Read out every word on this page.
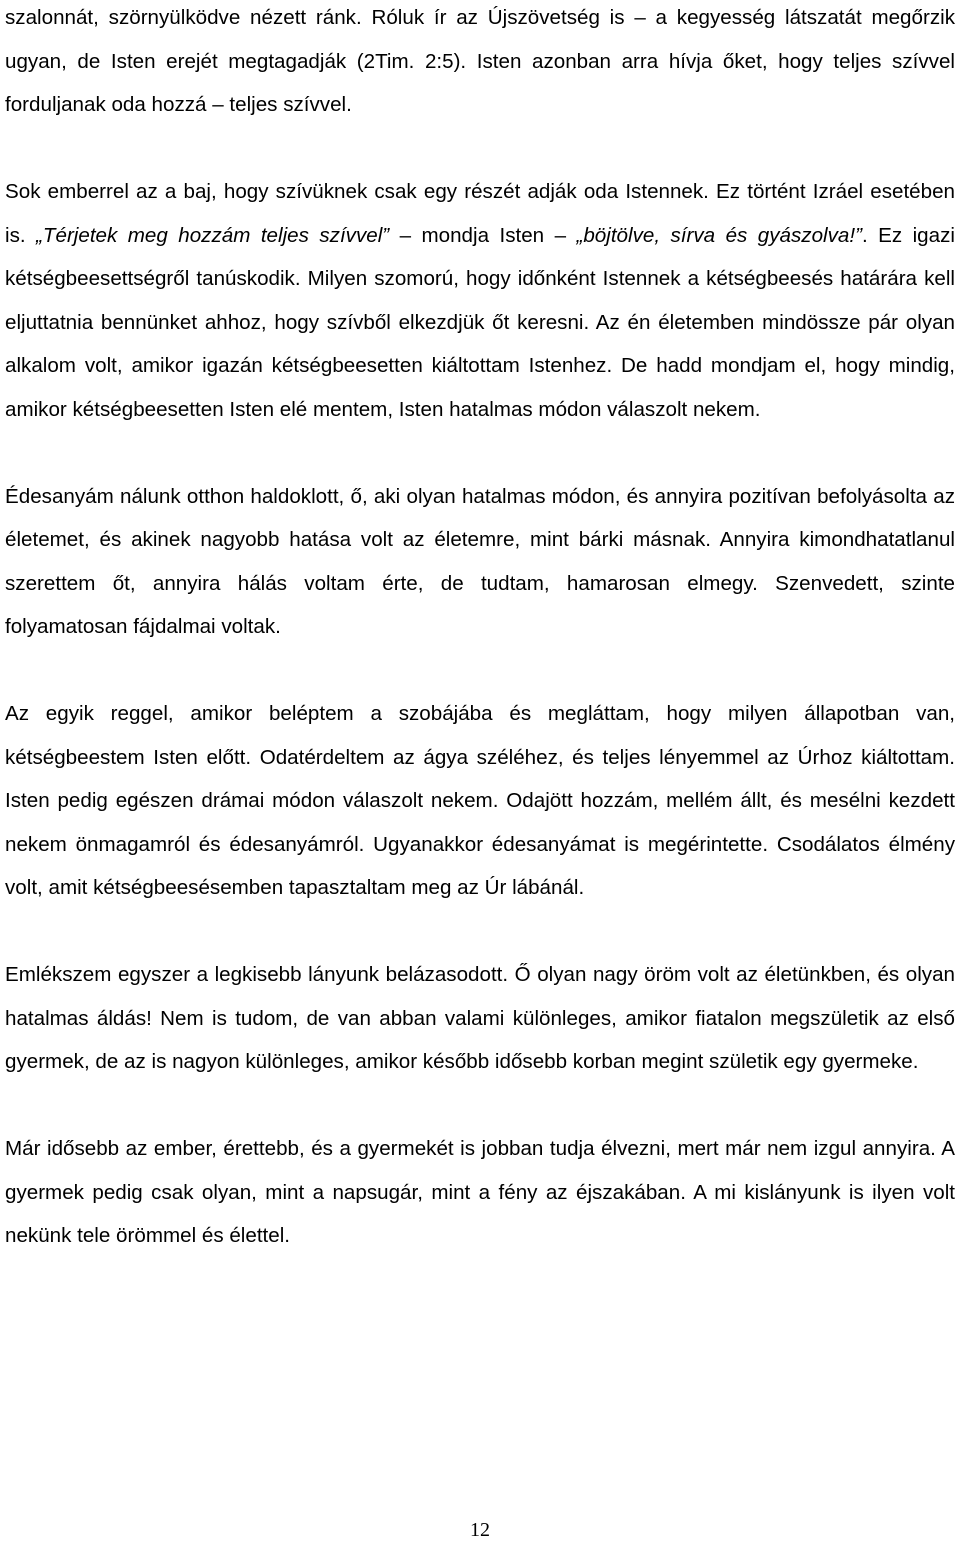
szalonnát, szörnyülködve nézett ránk. Róluk ír az Újszövetség is – a kegyesség látszatát megőrzik ugyan, de Isten erejét megtagadják (2Tim. 2:5). Isten azonban arra hívja őket, hogy teljes szívvel forduljanak oda hozzá – teljes szívvel.

Sok emberrel az a baj, hogy szívüknek csak egy részét adják oda Istennek. Ez történt Izráel esetében is. „Térjetek meg hozzám teljes szívvel” – mondja Isten – „böjtölve, sírva és gyászolva!”. Ez igazi kétségbeesettségről tanúskodik. Milyen szomorú, hogy időnként Istennek a kétségbeesés határára kell eljuttatnia bennünket ahhoz, hogy szívből elkezdjük őt keresni. Az én életemben mindössze pár olyan alkalom volt, amikor igazán kétségbeesetten kiáltottam Istenhez. De hadd mondjam el, hogy mindig, amikor kétségbeesetten Isten elé mentem, Isten hatalmas módon válaszolt nekem.

Édesanyám nálunk otthon haldoklott, ő, aki olyan hatalmas módon, és annyira pozitívan befolyásolta az életemet, és akinek nagyobb hatása volt az életemre, mint bárki másnak. Annyira kimondhatatlanul szerettem őt, annyira hálás voltam érte, de tudtam, hamarosan elmegy. Szenvedett, szinte folyamatosan fájdalmai voltak.

Az egyik reggel, amikor beléptem a szobájába és megláttam, hogy milyen állapotban van, kétségbeestem Isten előtt. Odatérdeltem az ágya széléhez, és teljes lényemmel az Úrhoz kiáltottam. Isten pedig egészen drámai módon válaszolt nekem. Odajött hozzám, mellém állt, és mesélni kezdett nekem önmagamról és édesanyámról. Ugyanakkor édesanyámat is megérintette. Csodálatos élmény volt, amit kétségbeesésemben tapasztaltam meg az Úr lábánál.

Emlékszem egyszer a legkisebb lányunk belázasodott. Ő olyan nagy öröm volt az életünkben, és olyan hatalmas áldás! Nem is tudom, de van abban valami különleges, amikor fiatalon megszületik az első gyermek, de az is nagyon különleges, amikor később idősebb korban megint születik egy gyermeke.

Már idősebb az ember, érettebb, és a gyermekét is jobban tudja élvezni, mert már nem izgul annyira. A gyermek pedig csak olyan, mint a napsugár, mint a fény az éjszakában. A mi kislányunk is ilyen volt nekünk tele örömmel és élettel.

12
